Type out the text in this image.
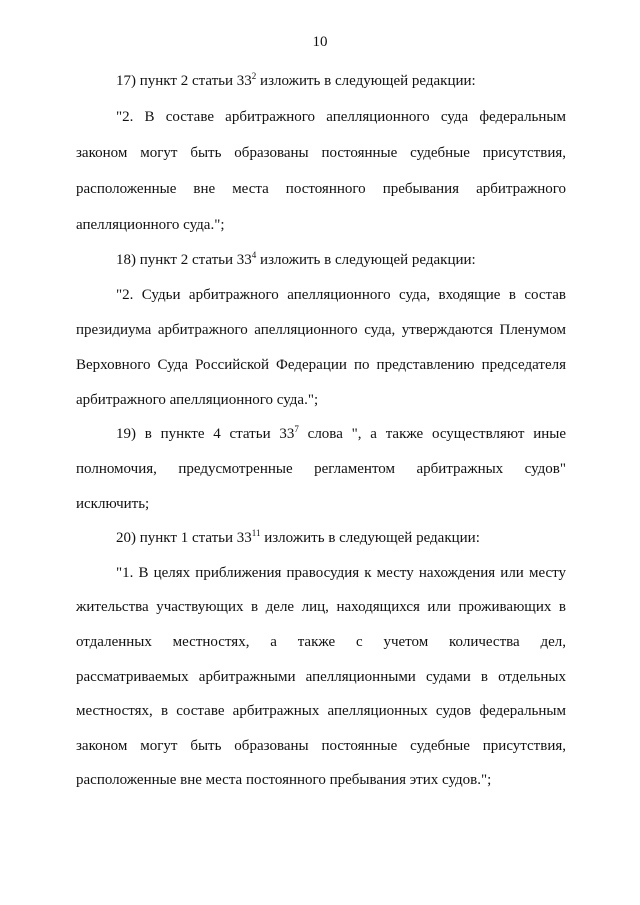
10
17) пункт 2 статьи $33^2$ изложить в следующей редакции:
"2. В составе арбитражного апелляционного суда федеральным
законом могут быть образованы постоянные судебные присутствия,
расположенные вне места постоянного пребывания арбитражного
апелляционного суда.";
18) пункт 2 статьи $33^4$ изложить в следующей редакции:
"2. Судьи арбитражного апелляционного суда, входящие в состав
президиума арбитражного апелляционного суда, утверждаются Пленумом
Верховного Суда Российской Федерации по представлению председателя
арбитражного апелляционного суда.";
19) в пункте 4 статьи $33^7$ слова ", а также осуществляют иные
полномочия, предусмотренные регламентом арбитражных судов"
исключить;
20) пункт 1 статьи $33^{11}$ изложить в следующей редакции:
"1. В целях приближения правосудия к месту нахождения или месту
жительства участвующих в деле лиц, находящихся или проживающих в
отдаленных местностях, а также с учетом количества дел,
рассматриваемых арбитражными апелляционными судами в отдельных
местностях, в составе арбитражных апелляционных судов федеральным
законом могут быть образованы постоянные судебные присутствия,
расположенные вне места постоянного пребывания этих судов.";
